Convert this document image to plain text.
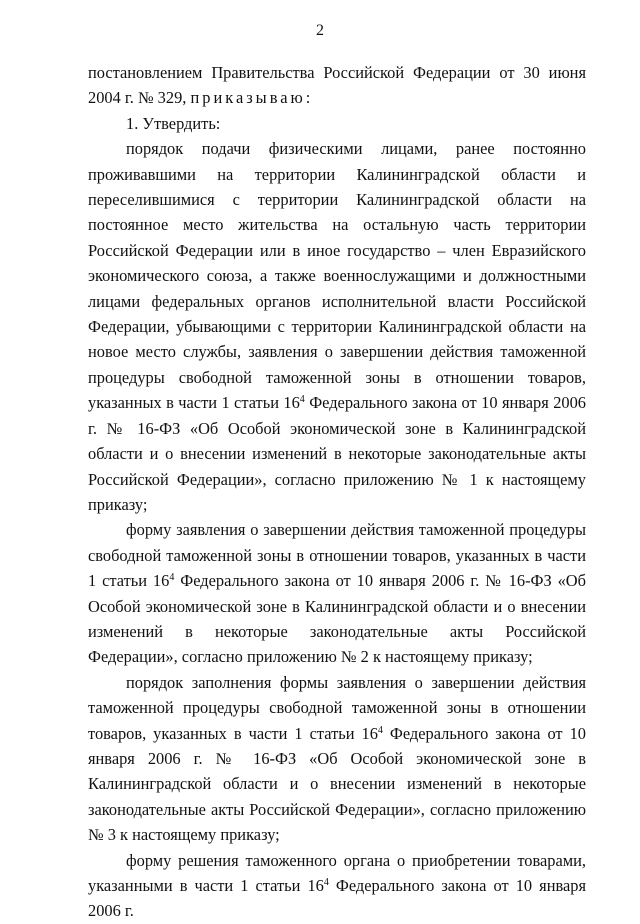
2

постановлением Правительства Российской Федерации от 30 июня 2004 г. № 329, приказываю:

1. Утвердить:

порядок подачи физическими лицами, ранее постоянно проживавшими на территории Калининградской области и переселившимися с территории Калининградской области на постоянное место жительства на остальную часть территории Российской Федерации или в иное государство – член Евразийского экономического союза, а также военнослужащими и должностными лицами федеральных органов исполнительной власти Российской Федерации, убывающими с территории Калининградской области на новое место службы, заявления о завершении действия таможенной процедуры свободной таможенной зоны в отношении товаров, указанных в части 1 статьи $16^4$ Федерального закона от 10 января 2006 г. № 16-ФЗ «Об Особой экономической зоне в Калининградской области и о внесении изменений в некоторые законодательные акты Российской Федерации», согласно приложению № 1 к настоящему приказу;

форму заявления о завершении действия таможенной процедуры свободной таможенной зоны в отношении товаров, указанных в части 1 статьи $16^4$ Федерального закона от 10 января 2006 г. № 16-ФЗ «Об Особой экономической зоне в Калининградской области и о внесении изменений в некоторые законодательные акты Российской Федерации», согласно приложению № 2 к настоящему приказу;

порядок заполнения формы заявления о завершении действия таможенной процедуры свободной таможенной зоны в отношении товаров, указанных в части 1 статьи $16^4$ Федерального закона от 10 января 2006 г. № 16-ФЗ «Об Особой экономической зоне в Калининградской области и о внесении изменений в некоторые законодательные акты Российской Федерации», согласно приложению № 3 к настоящему приказу;

форму решения таможенного органа о приобретении товарами, указанными в части 1 статьи $16^4$ Федерального закона от 10 января 2006 г.
